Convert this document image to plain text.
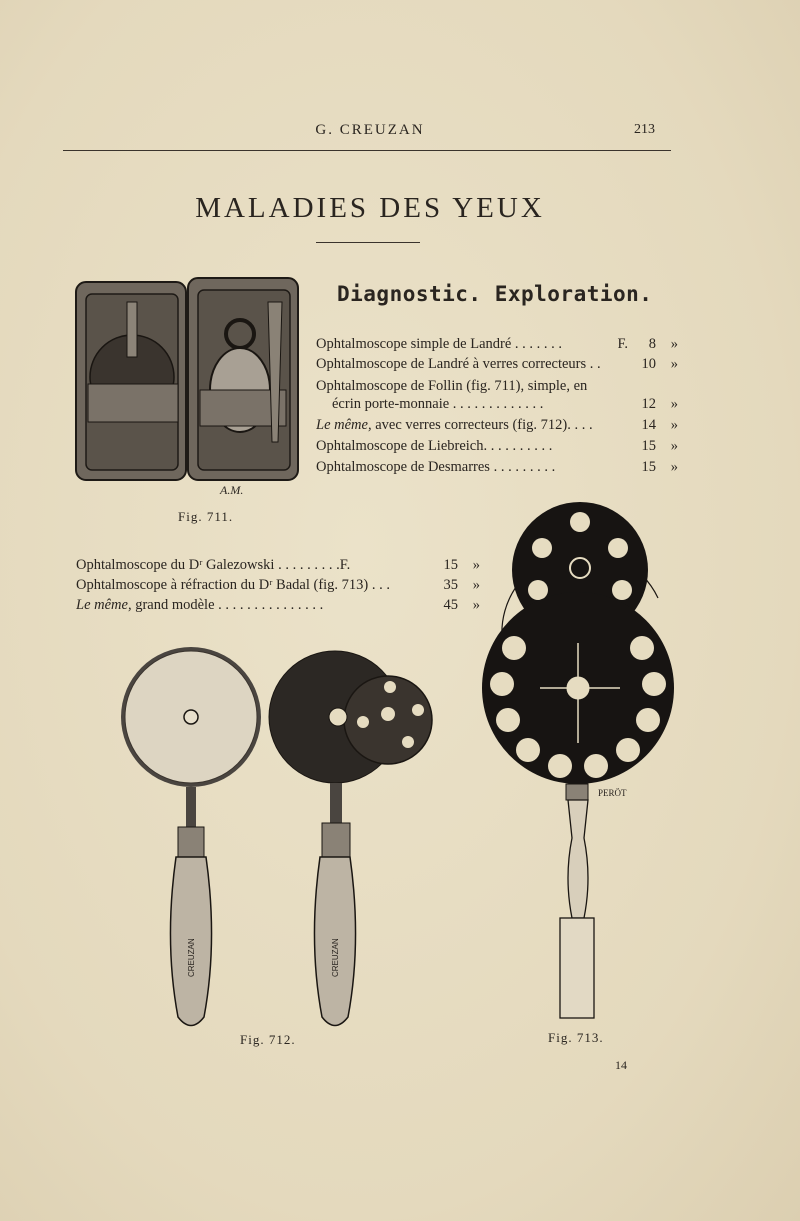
G. CREUZAN	213
MALADIES DES YEUX
A.M.
Fig. 711.
Diagnostic. Exploration.
Ophtalmoscope simple de Landré . . . . . . .	F.	8	»
Ophtalmoscope de Landré à verres correcteurs . .	10	»
Ophtalmoscope de Follin (fig. 711), simple, en
écrin porte-monnaie . . . . . . . . . . . . .	12	»
Le même, avec verres correcteurs (fig. 712). . . .	14	»
Ophtalmoscope de Liebreich. . . . . . . . . .	15	»
Ophtalmoscope de Desmarres . . . . . . . . .	15	»
Ophtalmoscope du Dʳ Galezowski . . . . . . . . .F.	15	»
Ophtalmoscope à réfraction du Dʳ Badal (fig. 713) . . .	35	»
Le même, grand modèle . . . . . . . . . . . . . . .	45	»
CREUZAN	CREUZAN
Fig. 712.
PERÖT
Fig. 713.
14
